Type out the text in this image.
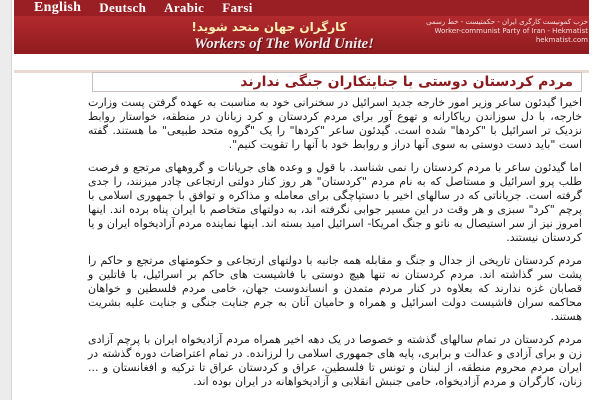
English Deutsch Arabic Farsi
کارگران جهان متحد شوید!
Workers of The World Unite!
حزب کمونیست کارگری ایران - حکمتیست - خط رسمی
Worker-communist Party of Iran - Hekmatist
hekmatist.com
مردم کردستان دوستی با جنایتکاران جنگی ندارند

اخیرا گیدئون ساعر وزیر امور خارجه جدید اسرائیل در سخنرانی خود به مناسبت به عهده گرفتن پست وزارت خارجه، با دل سوزاندن ریاکارانه و تهوع آور برای مردم کردستان و کرد زبانان در منطقه، خواستار روابط نزدیک تر اسرائیل با "کردها" شده است. گیدئون ساعر "کردها" را یک "گروه متحد طبیعی" ما هستند. گفته است "باید دست دوستی به سوی آنها دراز و روابط خود با آنها را تقویت کنیم".

اما گیدئون ساعر با مردم کردستان را نمی شناسد. با قول و وعده های جریانات و گروههای مرتجع و فرصت طلب پرو اسرائیل و مستاصل که به نام مردم "کردستان" هر روز کنار دولتی ارتجاعی چادر میزنند، را جدی گرفته است. جریاناتی که در سالهای اخیر با دستپاچگی برای معامله و مذاکره و توافق با جمهوری اسلامی با پرچم "کرد" سبزی و هر وقت در این مسیر جوابی نگرفته اند، به دولتهای متخاصم با ایران پناه برده اند. اینها امروز نیز از سر استیصال به ناتو و جنگ امریکا- اسرائیل امید بسته اند. اینها نماینده مردم آزادیخواه ایران و یا کردستان نیستند.

مردم کردستان تاریخی از جدال و جنگ و مقابله همه جانبه با دولتهای ارتجاعی و حکومتهای مرتجع و حاکم را پشت سر گذاشته اند. مردم کردستان نه تنها هیچ دوستی با فاشیست های حاکم بر اسرائیل، با قاتلین و قصابان غزه ندارند که بعلاوه در کنار مردم متمدن و انساندوست جهان، خامی مردم فلسطین و خواهان محاکمه سران فاشیست دولت اسرائیل و همراه و حامیان آنان به جرم جنایت جنگی و جنایت علیه بشریت هستند.

مردم کردستان در تمام سالهای گذشته و خصوصا در یک دهه اخیر همراه مردم آزادیخواه ایران با پرچم آزادی زن و برای آزادی و عدالت و برابری، پایه های جمهوری اسلامی را لرزانده. در تمام اعتراضات دوره گذشته در ایران مردم محروم منطقه، از لبنان و تونس تا فلسطین، عراق و کردستان عراق تا ترکیه و افغانستان و ... زنان، کارگران و مردم آزادیخواه، حامی جنبش انقلابی و آزادیخواهانه در ایران بوده اند.
